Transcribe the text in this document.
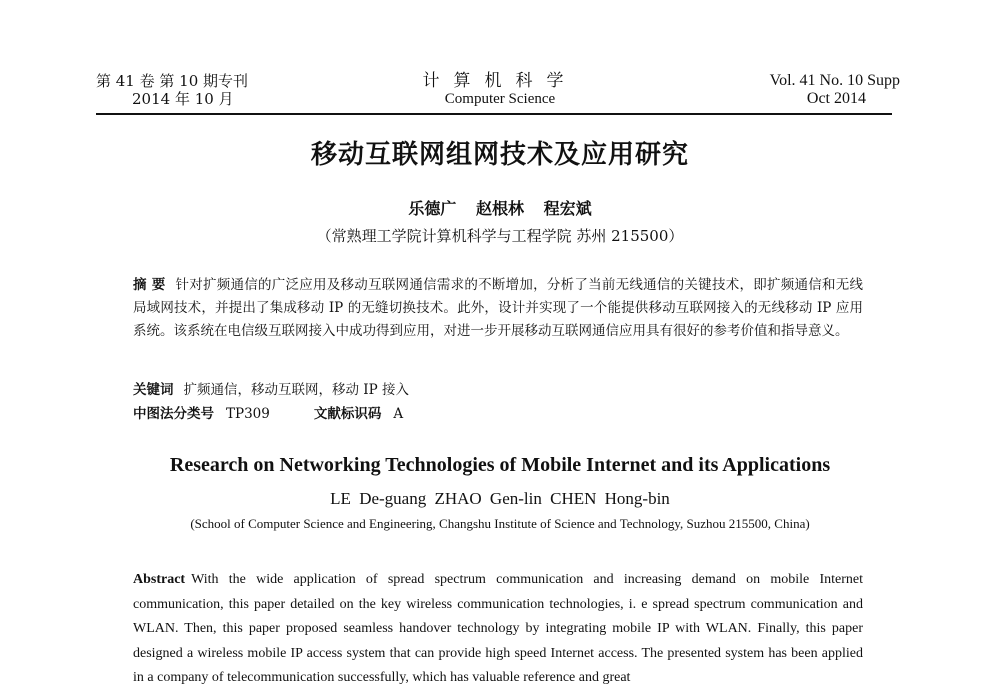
第 41 卷 第 10 期专刊
2014 年 10 月
计算机科学
Computer Science
Vol. 41 No. 10 Supp
Oct 2014
移动互联网组网技术及应用研究
乐德广 赵根林 程宏斌
（常熟理工学院计算机科学与工程学院 苏州 215500）
摘 要 针对扩频通信的广泛应用及移动互联网通信需求的不断增加，分析了当前无线通信的关键技术，即扩频通信和无线局域网技术，并提出了集成移动 IP 的无缝切换技术。此外，设计并实现了一个能提供移动互联网接入的无线移动 IP 应用系统。该系统在电信级互联网接入中成功得到应用，对进一步开展移动互联网通信应用具有很好的参考价值和指导意义。
关键词 扩频通信，移动互联网，移动 IP 接入
中图法分类号 TP309	文献标识码 A
Research on Networking Technologies of Mobile Internet and its Applications
LE De-guang ZHAO Gen-lin CHEN Hong-bin
(School of Computer Science and Engineering, Changshu Institute of Science and Technology, Suzhou 215500, China)
Abstract With the wide application of spread spectrum communication and increasing demand on mobile Internet communication, this paper detailed on the key wireless communication technologies, i. e spread spectrum communication and WLAN. Then, this paper proposed seamless handover technology by integrating mobile IP with WLAN. Finally, this paper designed a wireless mobile IP access system that can provide high speed Internet access. The presented system has been applied in a company of telecommunication successfully, which has valuable reference and great
